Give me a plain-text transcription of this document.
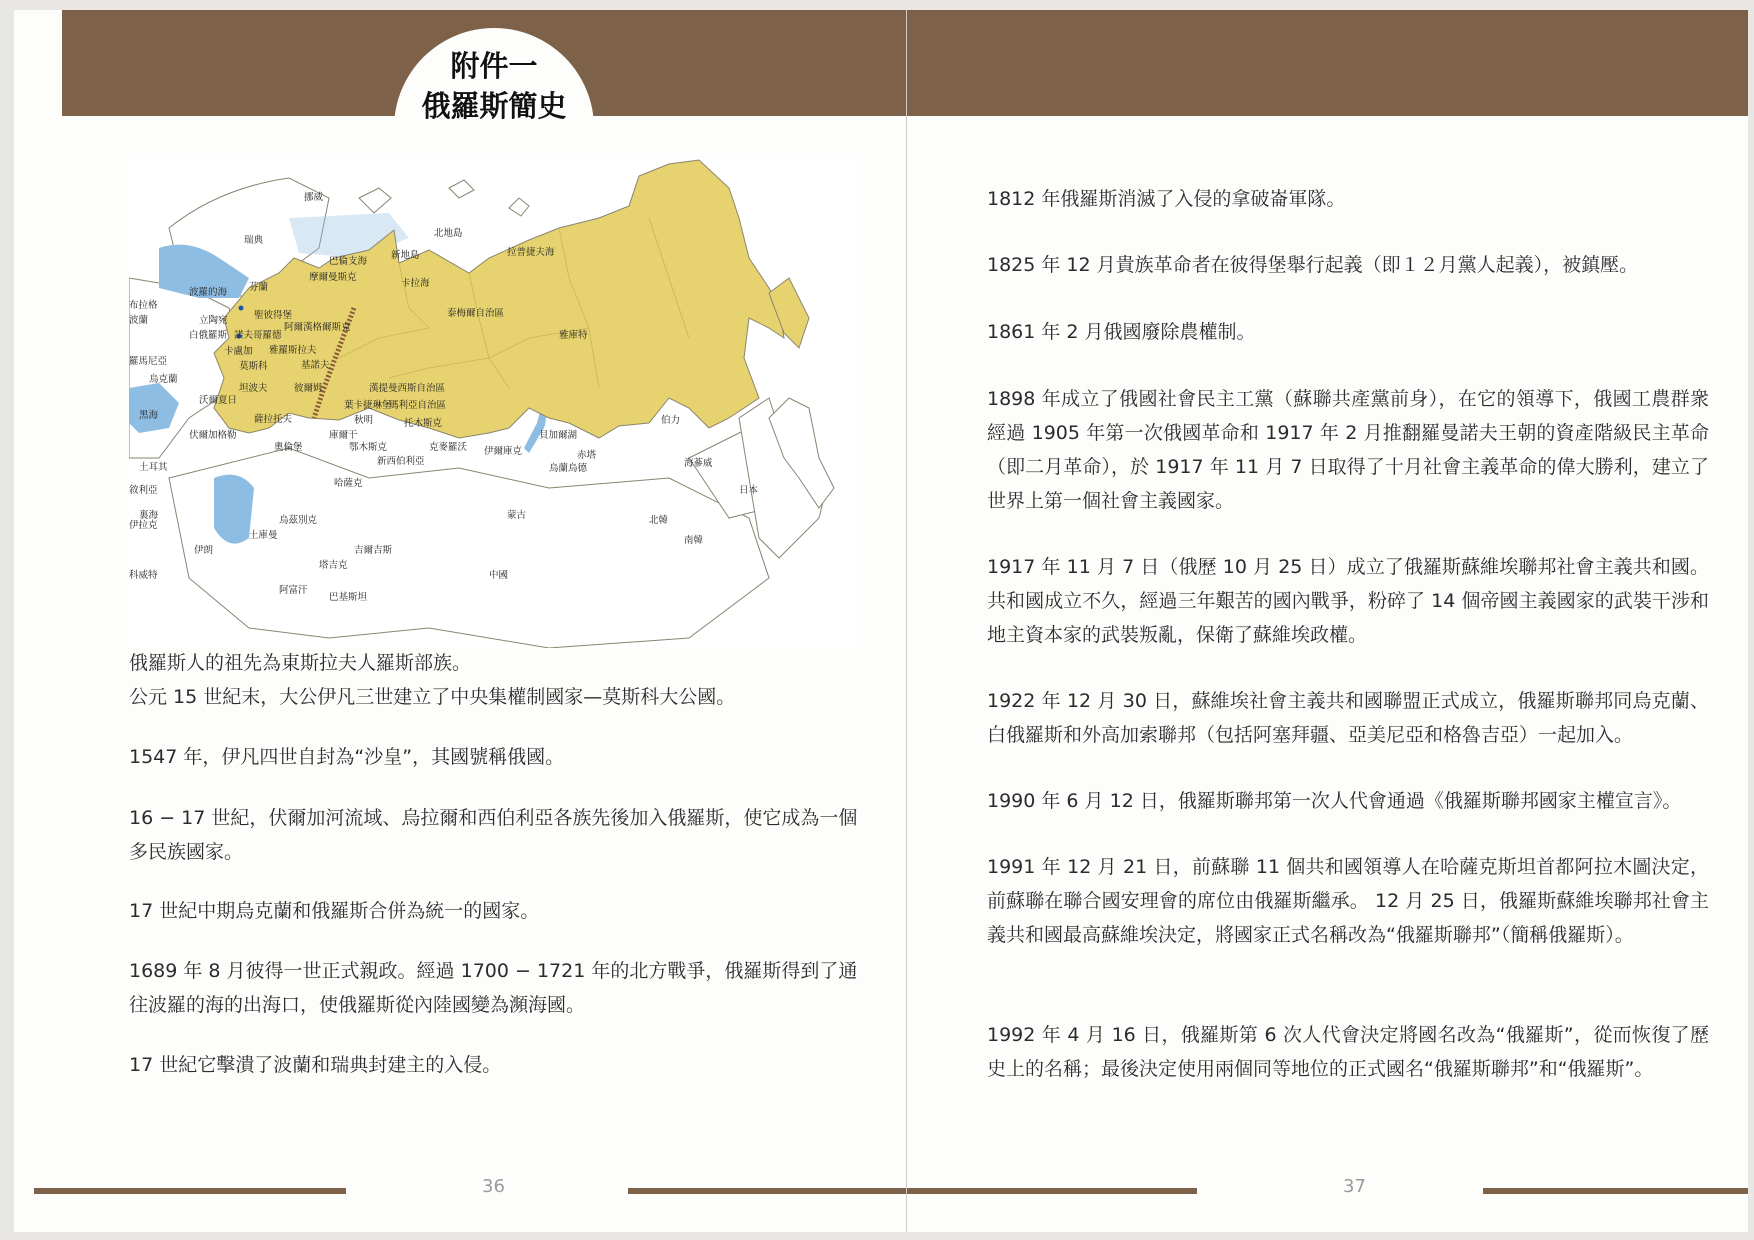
附件一
俄羅斯簡史
挪威
瑞典
北地島
拉普捷夫海
巴倫支海
新地島
摩爾曼斯克
卡拉海
芬蘭
波羅的海
布拉格
波蘭	立陶宛	聖彼得堡
阿爾漢格爾斯克
泰梅爾自治區
白俄羅斯 諾夫哥羅德	雅庫特
羅馬尼亞
卡盧加 雅羅斯拉夫
莫斯科	基諾夫
烏克蘭
坦波夫	彼爾姆	漢提曼西斯自治區
瑪利亞自治區
沃爾夏日	葉卡捷琳堡
黑海	薩拉托夫	秋明	托木斯克	伯力
伏爾加格勒	庫爾干
鄂木斯克
貝加爾湖
奧倫堡	克麥羅沃 伊爾庫克	赤塔
土耳其
新西伯利亞	海蔘威
烏蘭烏德
敘利亞
哈薩克
日本
裏海	蒙古
伊拉克	烏茲別克	北韓
土庫曼	南韓
伊朗	吉爾吉斯
塔吉克
中國
科威特
阿富汗
巴基斯坦

俄羅斯人的祖先為東斯拉夫人羅斯部族。

公元 15 世紀末，大公伊凡三世建立了中央集權制國家—莫斯科大公國。

1547 年，伊凡四世自封為“沙皇”，其國號稱俄國。

16 − 17 世紀，伏爾加河流域、烏拉爾和西伯利亞各族先後加入俄羅斯，使它成為一個多民族國家。

17 世紀中期烏克蘭和俄羅斯合併為統一的國家。

1689 年 8 月彼得一世正式親政。經過 1700 − 1721 年的北方戰爭，俄羅斯得到了通往波羅的海的出海口，使俄羅斯從內陸國變為瀕海國。

17 世紀它擊潰了波蘭和瑞典封建主的入侵。

36

1812 年俄羅斯消滅了入侵的拿破崙軍隊。

1825 年 12 月貴族革命者在彼得堡舉行起義（即１２月黨人起義），被鎮壓。

1861 年 2 月俄國廢除農權制。

1898 年成立了俄國社會民主工黨（蘇聯共產黨前身），在它的領導下，俄國工農群衆經過 1905 年第一次俄國革命和 1917 年 2 月推翻羅曼諾夫王朝的資產階級民主革命（即二月革命），於 1917 年 11 月 7 日取得了十月社會主義革命的偉大勝利，建立了世界上第一個社會主義國家。

1917 年 11 月 7 日（俄歷 10 月 25 日）成立了俄羅斯蘇維埃聯邦社會主義共和國。共和國成立不久，經過三年艱苦的國內戰爭，粉碎了 14 個帝國主義國家的武裝干涉和地主資本家的武裝叛亂，保衛了蘇維埃政權。

1922 年 12 月 30 日，蘇維埃社會主義共和國聯盟正式成立，俄羅斯聯邦同烏克蘭、白俄羅斯和外高加索聯邦（包括阿塞拜疆、亞美尼亞和格魯吉亞）一起加入。

1990 年 6 月 12 日，俄羅斯聯邦第一次人代會通過《俄羅斯聯邦國家主權宣言》。

1991 年 12 月 21 日，前蘇聯 11 個共和國領導人在哈薩克斯坦首都阿拉木圖決定，前蘇聯在聯合國安理會的席位由俄羅斯繼承。 12 月 25 日，俄羅斯蘇維埃聯邦社會主義共和國最高蘇維埃決定，將國家正式名稱改為“俄羅斯聯邦”（簡稱俄羅斯）。

1992 年 4 月 16 日，俄羅斯第 6 次人代會決定將國名改為“俄羅斯”，從而恢復了歷史上的名稱；最後決定使用兩個同等地位的正式國名“俄羅斯聯邦”和“俄羅斯”。

37
